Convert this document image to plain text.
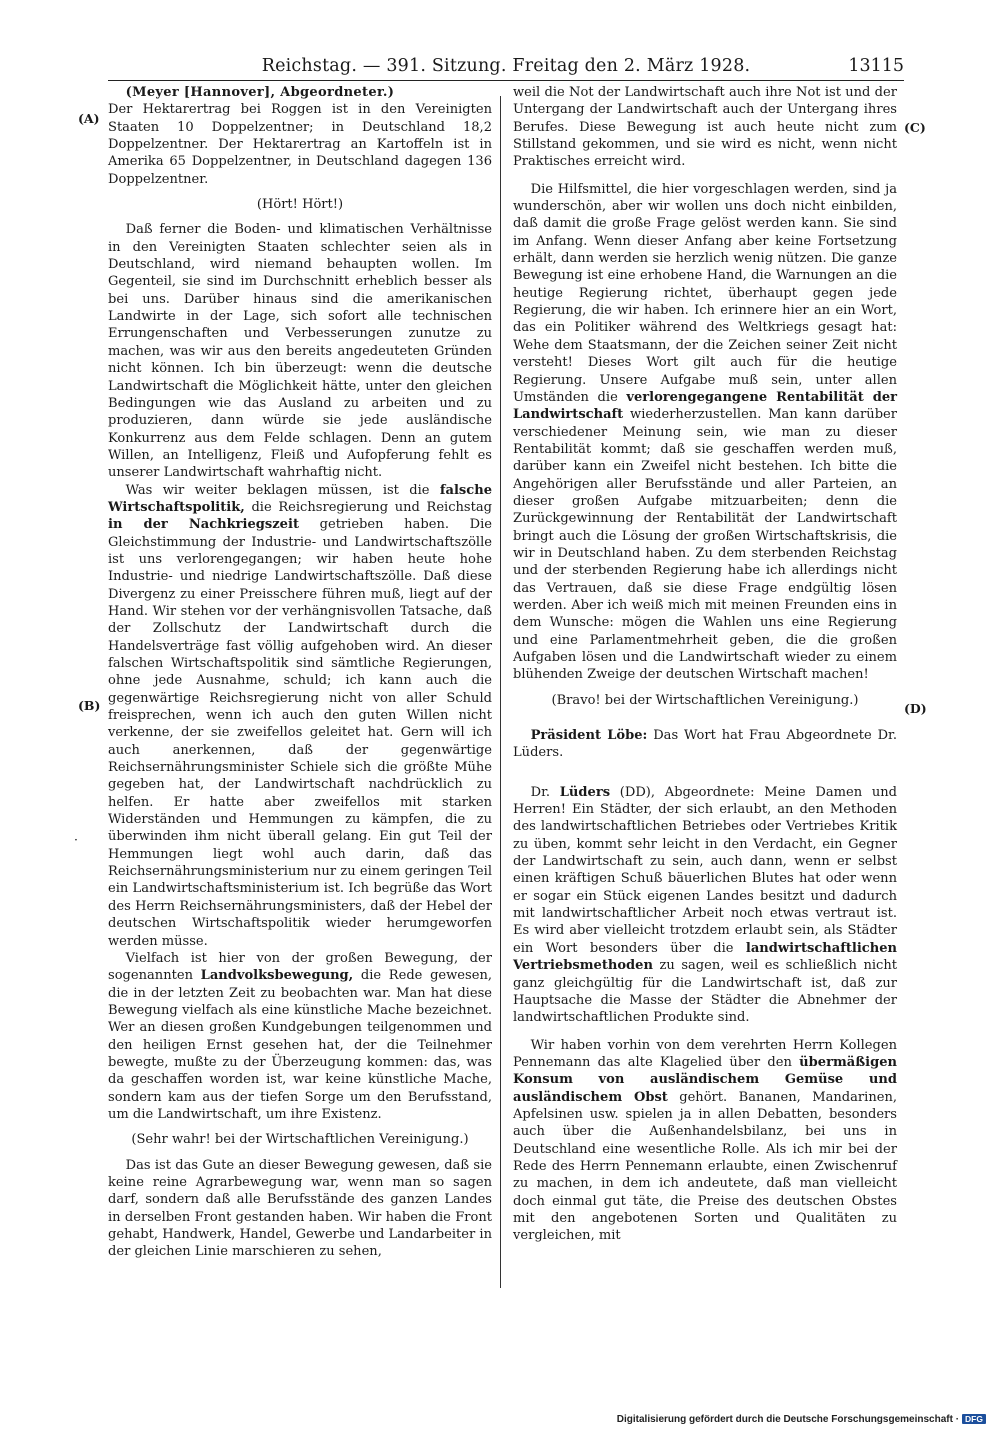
Reichstag. — 391. Sitzung. Freitag den 2. März 1928.	13115
(A)
(B)
·
(C)
(D)

(Meyer [Hannover], Abgeordneter.)

Der Hektarertrag bei Roggen ist in den Vereinigten Staaten 10 Doppelzentner; in Deutschland 18,2 Doppelzentner. Der Hektarertrag an Kartoffeln ist in Amerika 65 Doppelzentner, in Deutschland dagegen 136 Doppelzentner.

(Hört! Hört!)

Daß ferner die Boden- und klimatischen Verhältnisse in den Vereinigten Staaten schlechter seien als in Deutschland, wird niemand behaupten wollen. Im Gegenteil, sie sind im Durchschnitt erheblich besser als bei uns. Darüber hinaus sind die amerikanischen Landwirte in der Lage, sich sofort alle technischen Errungenschaften und Verbesserungen zunutze zu machen, was wir aus den bereits angedeuteten Gründen nicht können. Ich bin überzeugt: wenn die deutsche Landwirtschaft die Möglichkeit hätte, unter den gleichen Bedingungen wie das Ausland zu arbeiten und zu produzieren, dann würde sie jede ausländische Konkurrenz aus dem Felde schlagen. Denn an gutem Willen, an Intelligenz, Fleiß und Aufopferung fehlt es unserer Landwirtschaft wahrhaftig nicht.

Was wir weiter beklagen müssen, ist die falsche Wirtschaftspolitik, die Reichsregierung und Reichstag in der Nachkriegszeit getrieben haben. Die Gleichstimmung der Industrie- und Landwirtschaftszölle ist uns verlorengegangen; wir haben heute hohe Industrie- und niedrige Landwirtschaftszölle. Daß diese Divergenz zu einer Preisschere führen muß, liegt auf der Hand. Wir stehen vor der verhängnisvollen Tatsache, daß der Zollschutz der Landwirtschaft durch die Handelsverträge fast völlig aufgehoben wird. An dieser falschen Wirtschaftspolitik sind sämtliche Regierungen, ohne jede Ausnahme, schuld; ich kann auch die gegenwärtige Reichsregierung nicht von aller Schuld freisprechen, wenn ich auch den guten Willen nicht verkenne, der sie zweifellos geleitet hat. Gern will ich auch anerkennen, daß der gegenwärtige Reichsernährungsminister Schiele sich die größte Mühe gegeben hat, der Landwirtschaft nachdrücklich zu helfen. Er hatte aber zweifellos mit starken Widerständen und Hemmungen zu kämpfen, die zu überwinden ihm nicht überall gelang. Ein gut Teil der Hemmungen liegt wohl auch darin, daß das Reichsernährungsministerium nur zu einem geringen Teil ein Landwirtschaftsministerium ist. Ich begrüße das Wort des Herrn Reichsernährungsministers, daß der Hebel der deutschen Wirtschaftspolitik wieder herumgeworfen werden müsse.

Vielfach ist hier von der großen Bewegung, der sogenannten Landvolksbewegung, die Rede gewesen, die in der letzten Zeit zu beobachten war. Man hat diese Bewegung vielfach als eine künstliche Mache bezeichnet. Wer an diesen großen Kundgebungen teilgenommen und den heiligen Ernst gesehen hat, der die Teilnehmer bewegte, mußte zu der Überzeugung kommen: das, was da geschaffen worden ist, war keine künstliche Mache, sondern kam aus der tiefen Sorge um den Berufsstand, um die Landwirtschaft, um ihre Existenz.

(Sehr wahr! bei der Wirtschaftlichen Vereinigung.)

Das ist das Gute an dieser Bewegung gewesen, daß sie keine reine Agrarbewegung war, wenn man so sagen darf, sondern daß alle Berufsstände des ganzen Landes in derselben Front gestanden haben. Wir haben die Front gehabt, Handwerk, Handel, Gewerbe und Landarbeiter in der gleichen Linie marschieren zu sehen,

weil die Not der Landwirtschaft auch ihre Not ist und der Untergang der Landwirtschaft auch der Untergang ihres Berufes. Diese Bewegung ist auch heute nicht zum Stillstand gekommen, und sie wird es nicht, wenn nicht Praktisches erreicht wird.

Die Hilfsmittel, die hier vorgeschlagen werden, sind ja wunderschön, aber wir wollen uns doch nicht einbilden, daß damit die große Frage gelöst werden kann. Sie sind im Anfang. Wenn dieser Anfang aber keine Fortsetzung erhält, dann werden sie herzlich wenig nützen. Die ganze Bewegung ist eine erhobene Hand, die Warnungen an die heutige Regierung richtet, überhaupt gegen jede Regierung, die wir haben. Ich erinnere hier an ein Wort, das ein Politiker während des Weltkriegs gesagt hat: Wehe dem Staatsmann, der die Zeichen seiner Zeit nicht versteht! Dieses Wort gilt auch für die heutige Regierung. Unsere Aufgabe muß sein, unter allen Umständen die verlorengegangene Rentabilität der Landwirtschaft wiederherzustellen. Man kann darüber verschiedener Meinung sein, wie man zu dieser Rentabilität kommt; daß sie geschaffen werden muß, darüber kann ein Zweifel nicht bestehen. Ich bitte die Angehörigen aller Berufsstände und aller Parteien, an dieser großen Aufgabe mitzuarbeiten; denn die Zurückgewinnung der Rentabilität der Landwirtschaft bringt auch die Lösung der großen Wirtschaftskrisis, die wir in Deutschland haben. Zu dem sterbenden Reichstag und der sterbenden Regierung habe ich allerdings nicht das Vertrauen, daß sie diese Frage endgültig lösen werden. Aber ich weiß mich mit meinen Freunden eins in dem Wunsche: mögen die Wahlen uns eine Regierung und eine Parlamentmehrheit geben, die die großen Aufgaben lösen und die Landwirtschaft wieder zu einem blühenden Zweige der deutschen Wirtschaft machen!

(Bravo! bei der Wirtschaftlichen Vereinigung.)

Präsident Löbe: Das Wort hat Frau Abgeordnete Dr. Lüders.

Dr. Lüders (DD), Abgeordnete: Meine Damen und Herren! Ein Städter, der sich erlaubt, an den Methoden des landwirtschaftlichen Betriebes oder Vertriebes Kritik zu üben, kommt sehr leicht in den Verdacht, ein Gegner der Landwirtschaft zu sein, auch dann, wenn er selbst einen kräftigen Schuß bäuerlichen Blutes hat oder wenn er sogar ein Stück eigenen Landes besitzt und dadurch mit landwirtschaftlicher Arbeit noch etwas vertraut ist. Es wird aber vielleicht trotzdem erlaubt sein, als Städter ein Wort besonders über die landwirtschaftlichen Vertriebsmethoden zu sagen, weil es schließlich nicht ganz gleichgültig für die Landwirtschaft ist, daß zur Hauptsache die Masse der Städter die Abnehmer der landwirtschaftlichen Produkte sind.

Wir haben vorhin von dem verehrten Herrn Kollegen Pennemann das alte Klagelied über den übermäßigen Konsum von ausländischem Gemüse und ausländischem Obst gehört. Bananen, Mandarinen, Apfelsinen usw. spielen ja in allen Debatten, besonders auch über die Außenhandelsbilanz, bei uns in Deutschland eine wesentliche Rolle. Als ich mir bei der Rede des Herrn Pennemann erlaubte, einen Zwischenruf zu machen, in dem ich andeutete, daß man vielleicht doch einmal gut täte, die Preise des deutschen Obstes mit den angebotenen Sorten und Qualitäten zu vergleichen, mit

Digitalisierung gefördert durch die Deutsche Forschungsgemeinschaft · DFG
